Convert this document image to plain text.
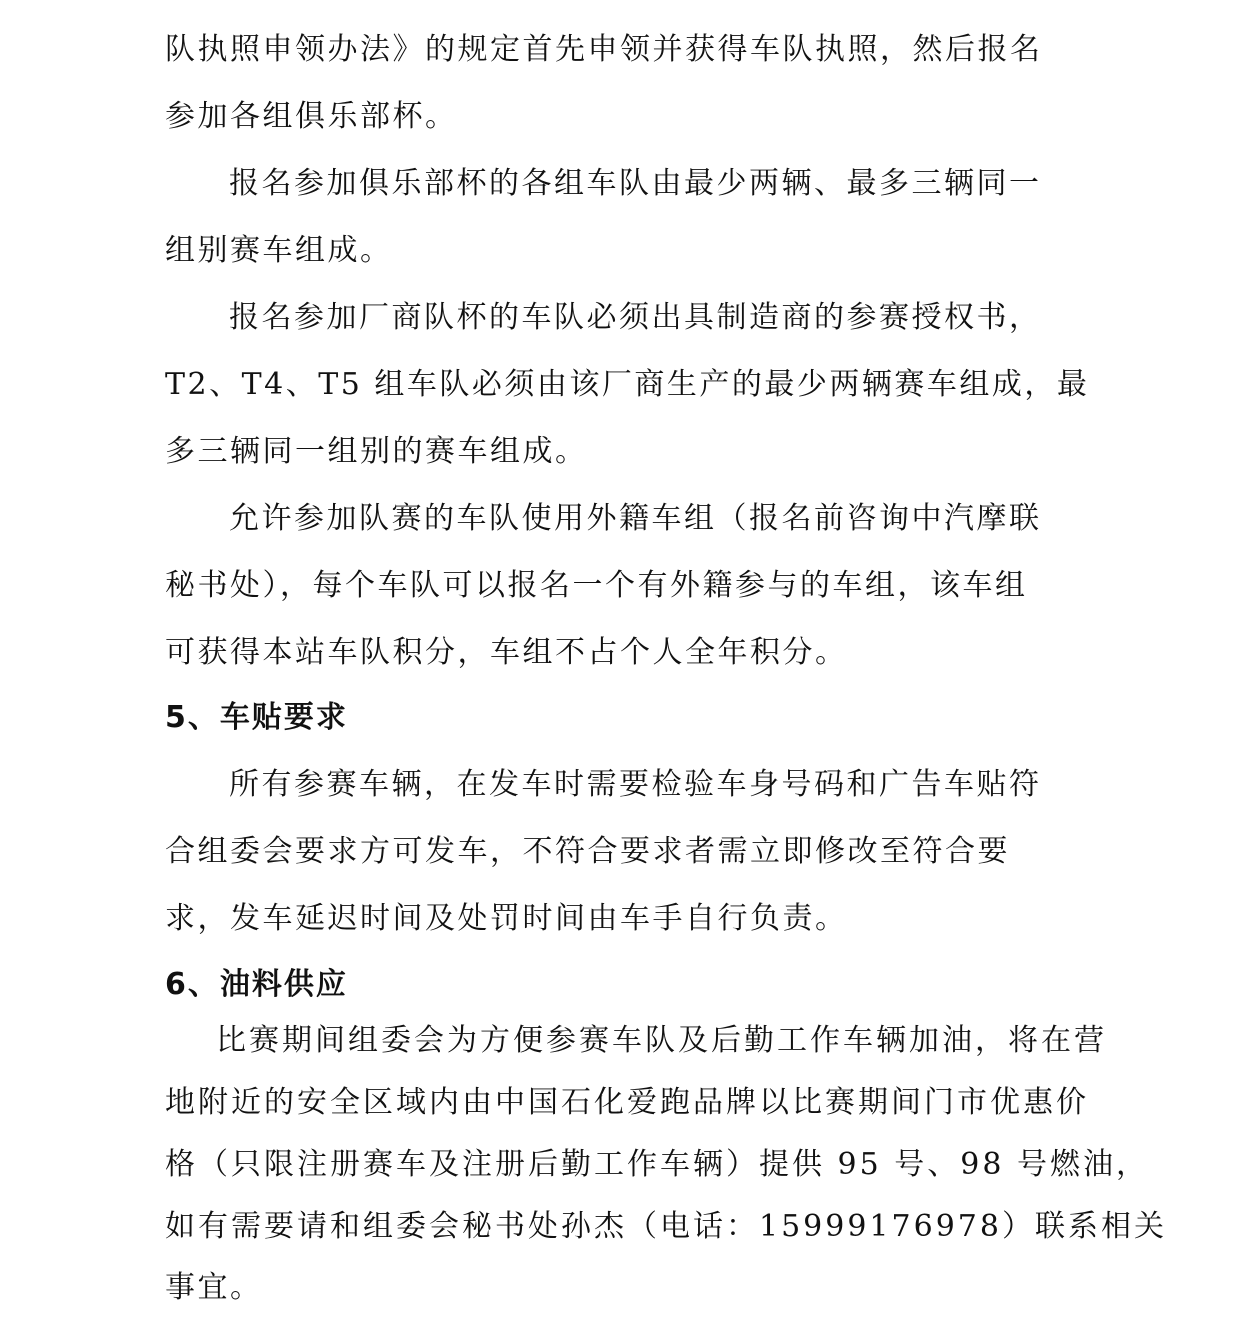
队执照申领办法》的规定首先申领并获得车队执照，然后报名
参加各组俱乐部杯。
报名参加俱乐部杯的各组车队由最少两辆、最多三辆同一
组别赛车组成。
报名参加厂商队杯的车队必须出具制造商的参赛授权书，
T2、T4、T5 组车队必须由该厂商生产的最少两辆赛车组成，最
多三辆同一组别的赛车组成。
允许参加队赛的车队使用外籍车组（报名前咨询中汽摩联
秘书处），每个车队可以报名一个有外籍参与的车组，该车组
可获得本站车队积分，车组不占个人全年积分。
5、车贴要求
所有参赛车辆，在发车时需要检验车身号码和广告车贴符
合组委会要求方可发车，不符合要求者需立即修改至符合要
求，发车延迟时间及处罚时间由车手自行负责。
6、油料供应
比赛期间组委会为方便参赛车队及后勤工作车辆加油，将在营
地附近的安全区域内由中国石化爱跑品牌以比赛期间门市优惠价
格（只限注册赛车及注册后勤工作车辆）提供 95 号、98 号燃油，
如有需要请和组委会秘书处孙杰（电话：15999176978）联系相关
事宜。
